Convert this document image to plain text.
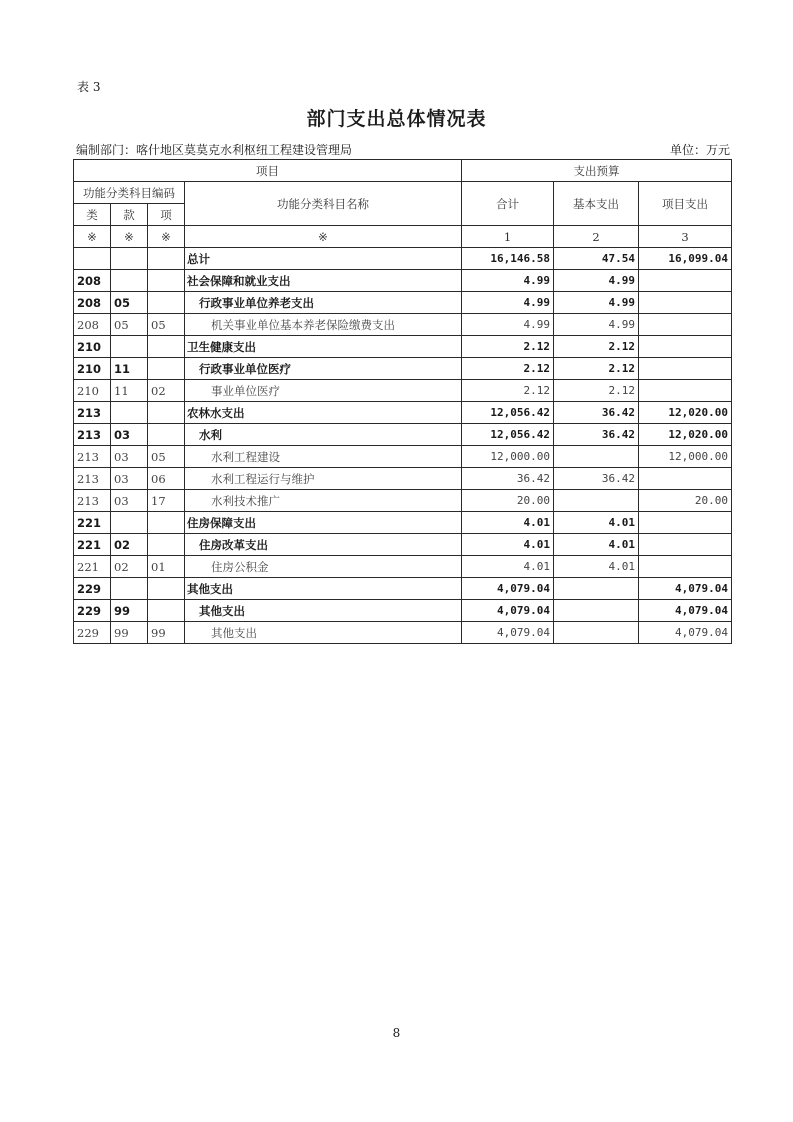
表 3
部门支出总体情况表
编制部门：喀什地区莫莫克水利枢纽工程建设管理局	单位：万元
项目				支出预算		
功能分类科目编码			功能分类科目名称	合计	基本支出	项目支出
类	款	项				
※	※	※	※	1	2	3
			总计	16,146.58	47.54	16,099.04
208			社会保障和就业支出	4.99	4.99	
208	05		行政事业单位养老支出	4.99	4.99	
208	05	05	机关事业单位基本养老保险缴费支出	4.99	4.99	
210			卫生健康支出	2.12	2.12	
210	11		行政事业单位医疗	2.12	2.12	
210	11	02	事业单位医疗	2.12	2.12	
213			农林水支出	12,056.42	36.42	12,020.00
213	03		水利	12,056.42	36.42	12,020.00
213	03	05	水利工程建设	12,000.00		12,000.00
213	03	06	水利工程运行与维护	36.42	36.42	
213	03	17	水利技术推广	20.00		20.00
221			住房保障支出	4.01	4.01	
221	02		住房改革支出	4.01	4.01	
221	02	01	住房公积金	4.01	4.01	
229			其他支出	4,079.04		4,079.04
229	99		其他支出	4,079.04		4,079.04
229	99	99	其他支出	4,079.04		4,079.04
8
